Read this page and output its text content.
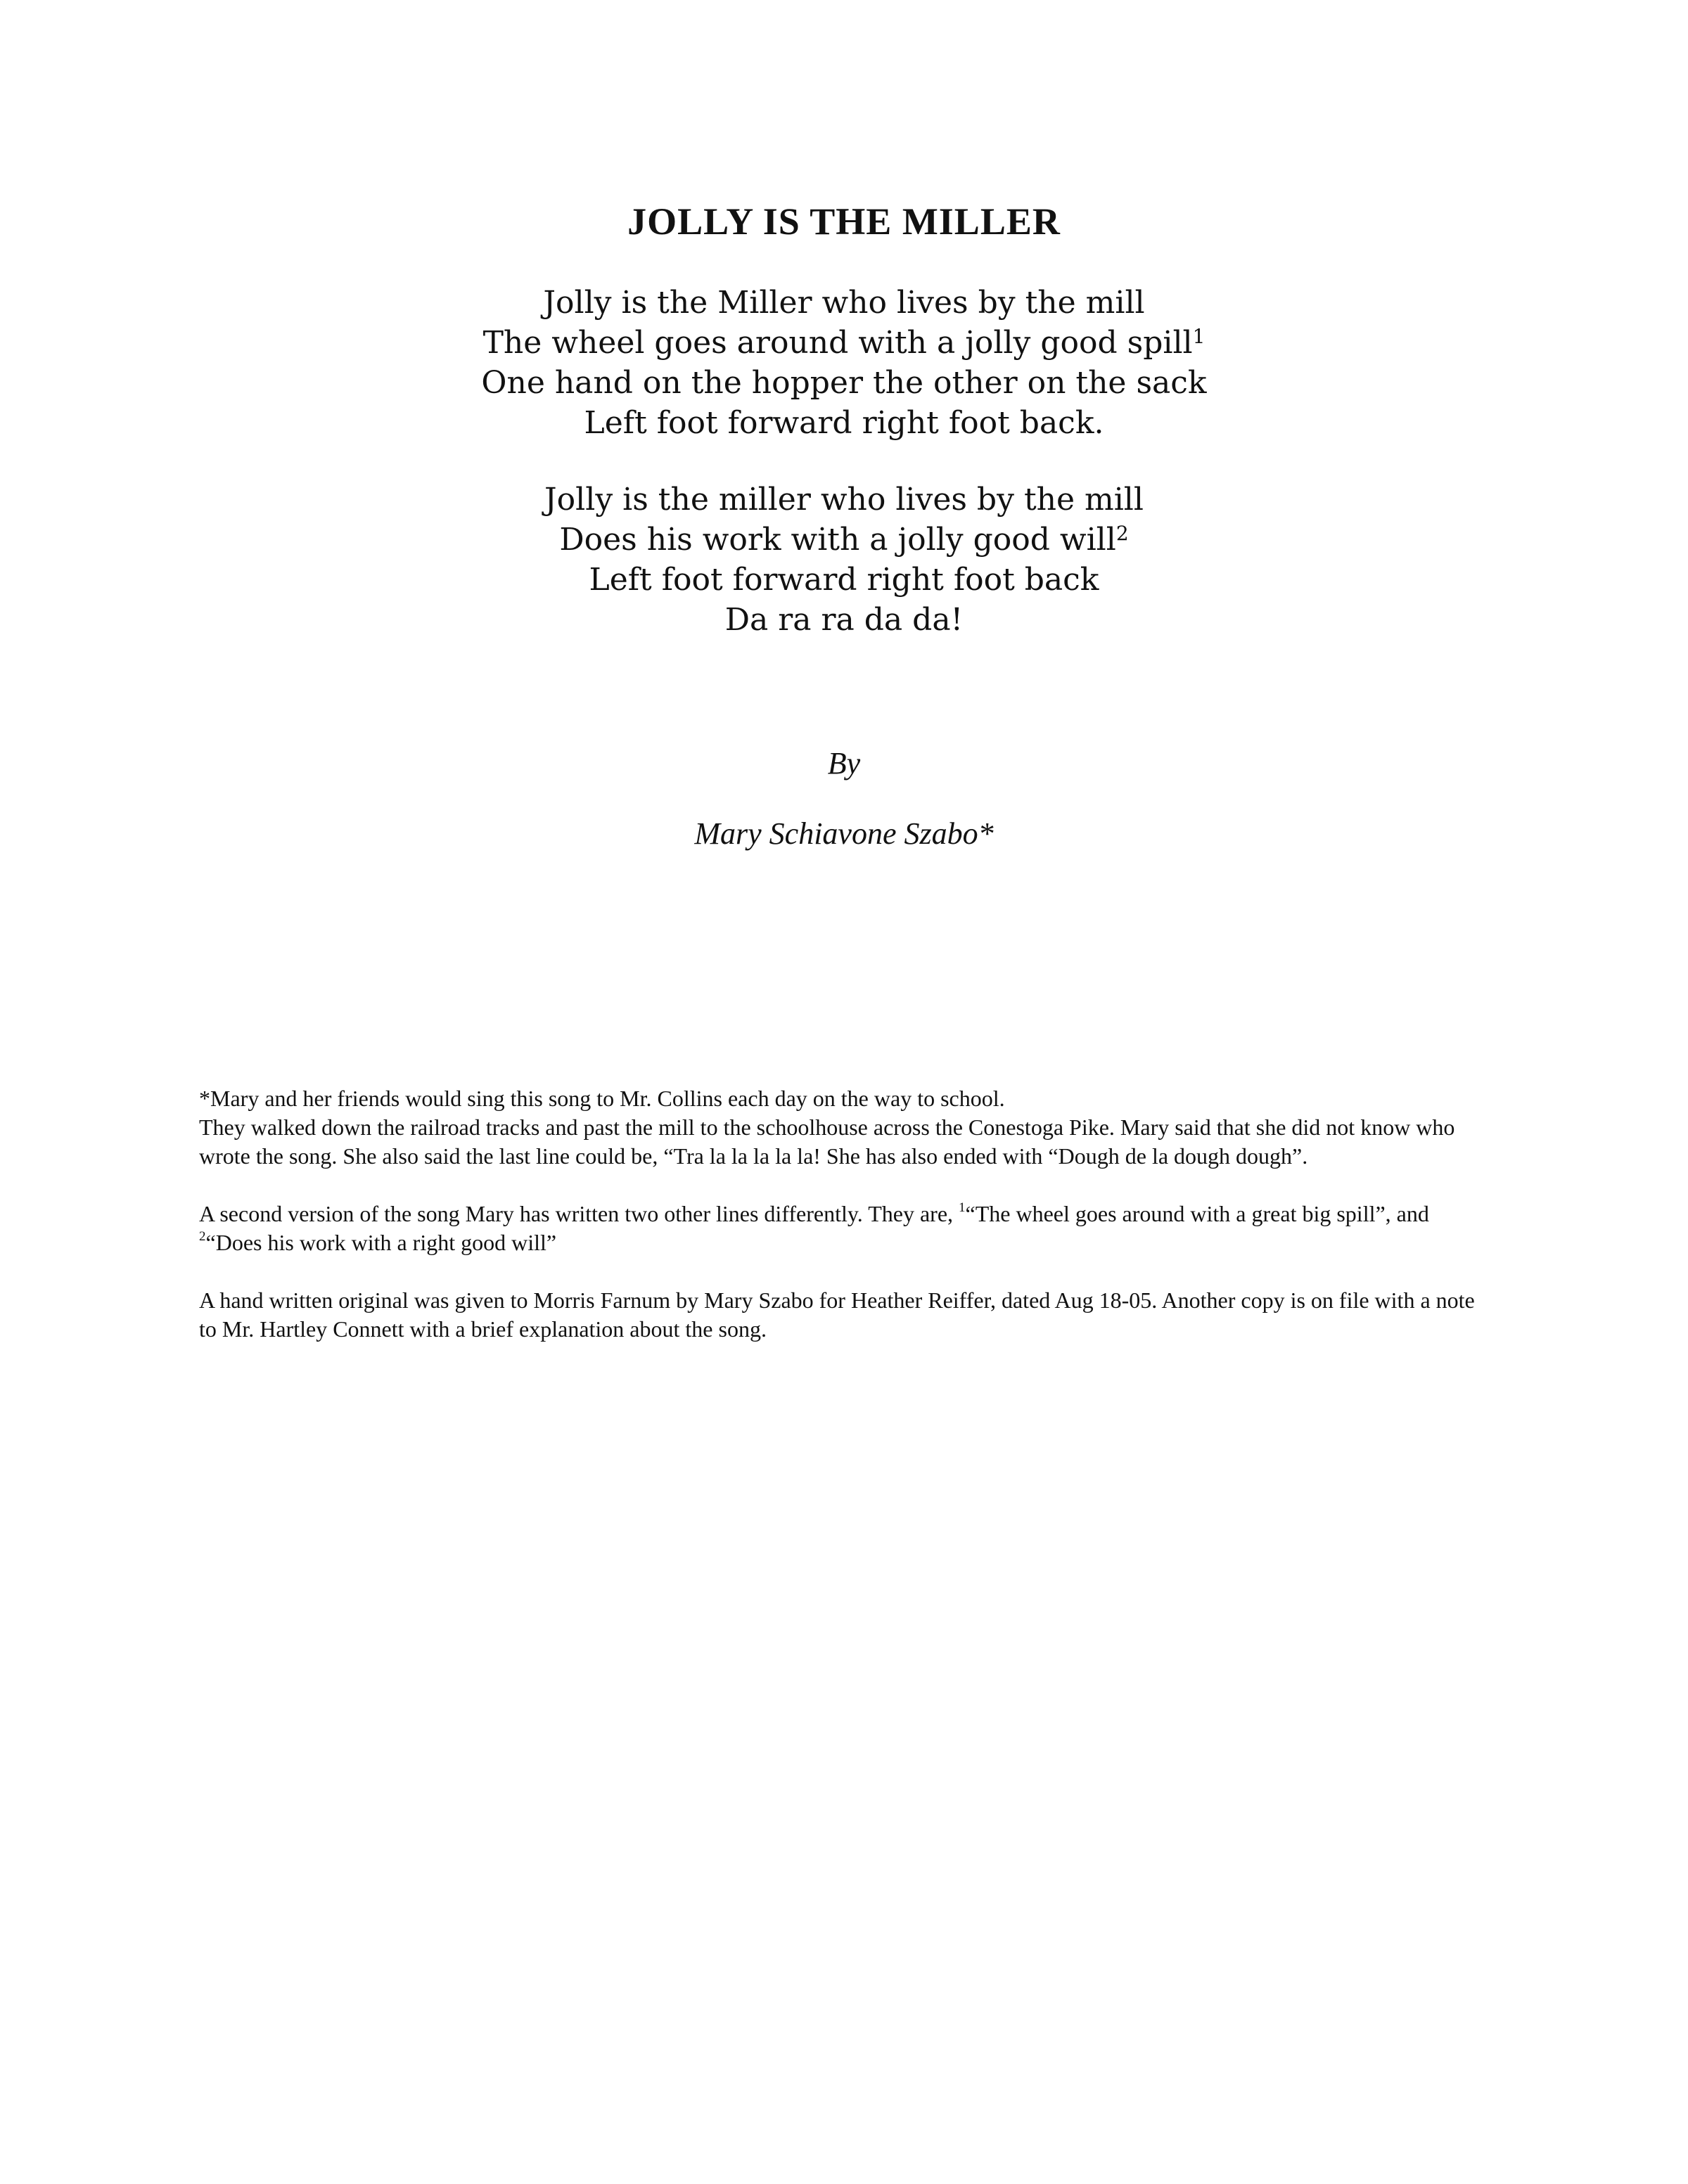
JOLLY IS THE MILLER
Jolly is the Miller who lives by the mill
The wheel goes around with a jolly good spill$^1$
One hand on the hopper the other on the sack
Left foot forward right foot back.
Jolly is the miller who lives by the mill
Does his work with a jolly good will$^2$
Left foot forward right foot back
Da ra ra da da!

By

Mary Schiavone Szabo*

*Mary and her friends would sing this song to Mr. Collins each day on the way to school.
They walked down the railroad tracks and past the mill to the schoolhouse across the Conestoga Pike. Mary said that she did not know who wrote the song. She also said the last line could be, “Tra la la la la la! She has also ended with “Dough de la dough dough”.

A second version of the song Mary has written two other lines differently. They are, $^1$“The wheel goes around with a great big spill”, and $^2$“Does his work with a right good will”

A hand written original was given to Morris Farnum by Mary Szabo for Heather Reiffer, dated Aug 18-05. Another copy is on file with a note to Mr. Hartley Connett with a brief explanation about the song.
